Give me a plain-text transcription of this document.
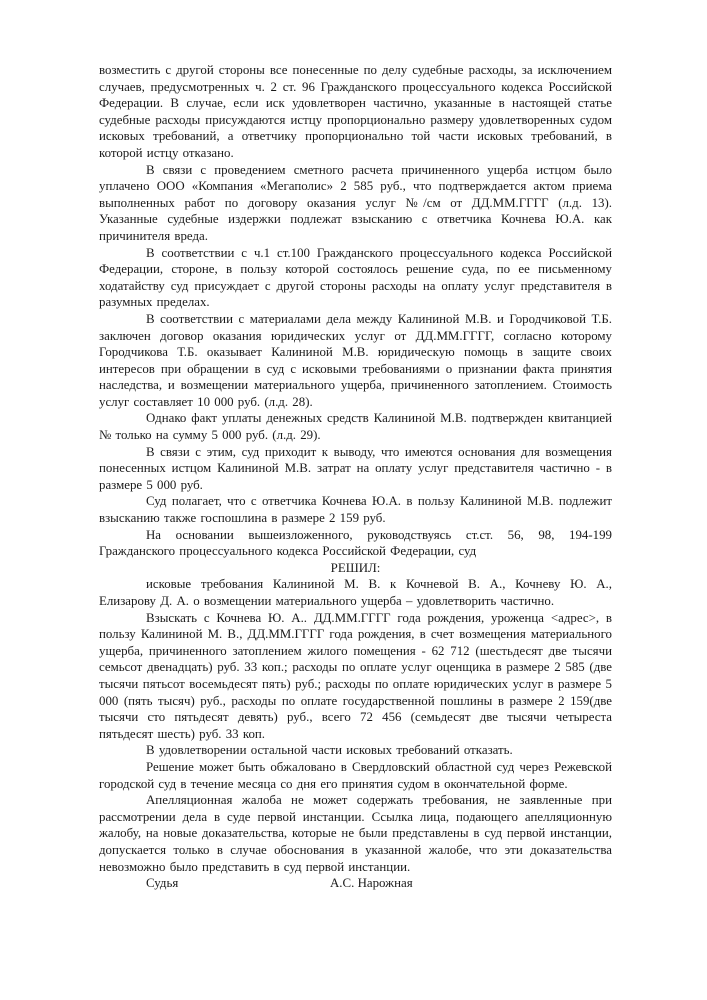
возместить с другой стороны все понесенные по делу судебные расходы, за исключением случаев, предусмотренных ч. 2 ст. 96 Гражданского процессуального кодекса Российской Федерации. В случае, если иск удовлетворен частично, указанные в настоящей статье судебные расходы присуждаются истцу пропорционально размеру удовлетворенных судом исковых требований, а ответчику пропорционально той части исковых требований, в которой истцу отказано.

В связи с проведением сметного расчета причиненного ущерба истцом было уплачено ООО «Компания «Мегаполис» 2 585 руб., что подтверждается актом приема выполненных работ по договору оказания услуг №/см от ДД.ММ.ГГГГ (л.д. 13). Указанные судебные издержки подлежат взысканию с ответчика Кочнева Ю.А. как причинителя вреда.

В соответствии с ч.1 ст.100 Гражданского процессуального кодекса Российской Федерации, стороне, в пользу которой состоялось решение суда, по ее письменному ходатайству суд присуждает с другой стороны расходы на оплату услуг представителя в разумных пределах.

В соответствии с материалами дела между Калининой М.В. и Городчиковой Т.Б. заключен договор оказания юридических услуг от ДД.ММ.ГГГГ, согласно которому Городчикова Т.Б. оказывает Калининой М.В. юридическую помощь в защите своих интересов при обращении в суд с исковыми требованиями о признании факта принятия наследства, и возмещении материального ущерба, причиненного затоплением. Стоимость услуг составляет 10 000 руб. (л.д. 28).

Однако факт уплаты денежных средств Калининой М.В. подтвержден квитанцией № только на сумму 5 000 руб. (л.д. 29).

В связи с этим, суд приходит к выводу, что имеются основания для возмещения понесенных истцом Калининой М.В. затрат на оплату услуг представителя частично - в размере 5 000 руб.

Суд полагает, что с ответчика Кочнева Ю.А. в пользу Калининой М.В. подлежит взысканию также госпошлина в размере 2 159 руб.

На основании вышеизложенного, руководствуясь ст.ст. 56, 98, 194-199 Гражданского процессуального кодекса Российской Федерации, суд

РЕШИЛ:

исковые требования Калининой М. В. к Кочневой В. А., Кочневу Ю. А., Елизарову Д. А. о возмещении материального ущерба – удовлетворить частично.

Взыскать с Кочнева Ю. А.. ДД.ММ.ГГГГ года рождения, уроженца <адрес>, в пользу Калининой М. В., ДД.ММ.ГГГГ года рождения, в счет возмещения материального ущерба, причиненного затоплением жилого помещения - 62 712 (шестьдесят две тысячи семьсот двенадцать) руб. 33 коп.; расходы по оплате услуг оценщика в размере 2 585 (две тысячи пятьсот восемьдесят пять) руб.; расходы по оплате юридических услуг в размере 5 000 (пять тысяч) руб., расходы по оплате государственной пошлины в размере 2 159(две тысячи сто пятьдесят девять) руб., всего 72 456 (семьдесят две тысячи четыреста пятьдесят шесть) руб. 33 коп.

В удовлетворении остальной части исковых требований отказать.

Решение может быть обжаловано в Свердловский областной суд через Режевской городской суд в течение месяца со дня его принятия судом в окончательной форме.

Апелляционная жалоба не может содержать требования, не заявленные при рассмотрении дела в суде первой инстанции. Ссылка лица, подающего апелляционную жалобу, на новые доказательства, которые не были представлены в суд первой инстанции, допускается только в случае обоснования в указанной жалобе, что эти доказательства невозможно было представить в суд первой инстанции.

Судья	А.С. Нарожная
